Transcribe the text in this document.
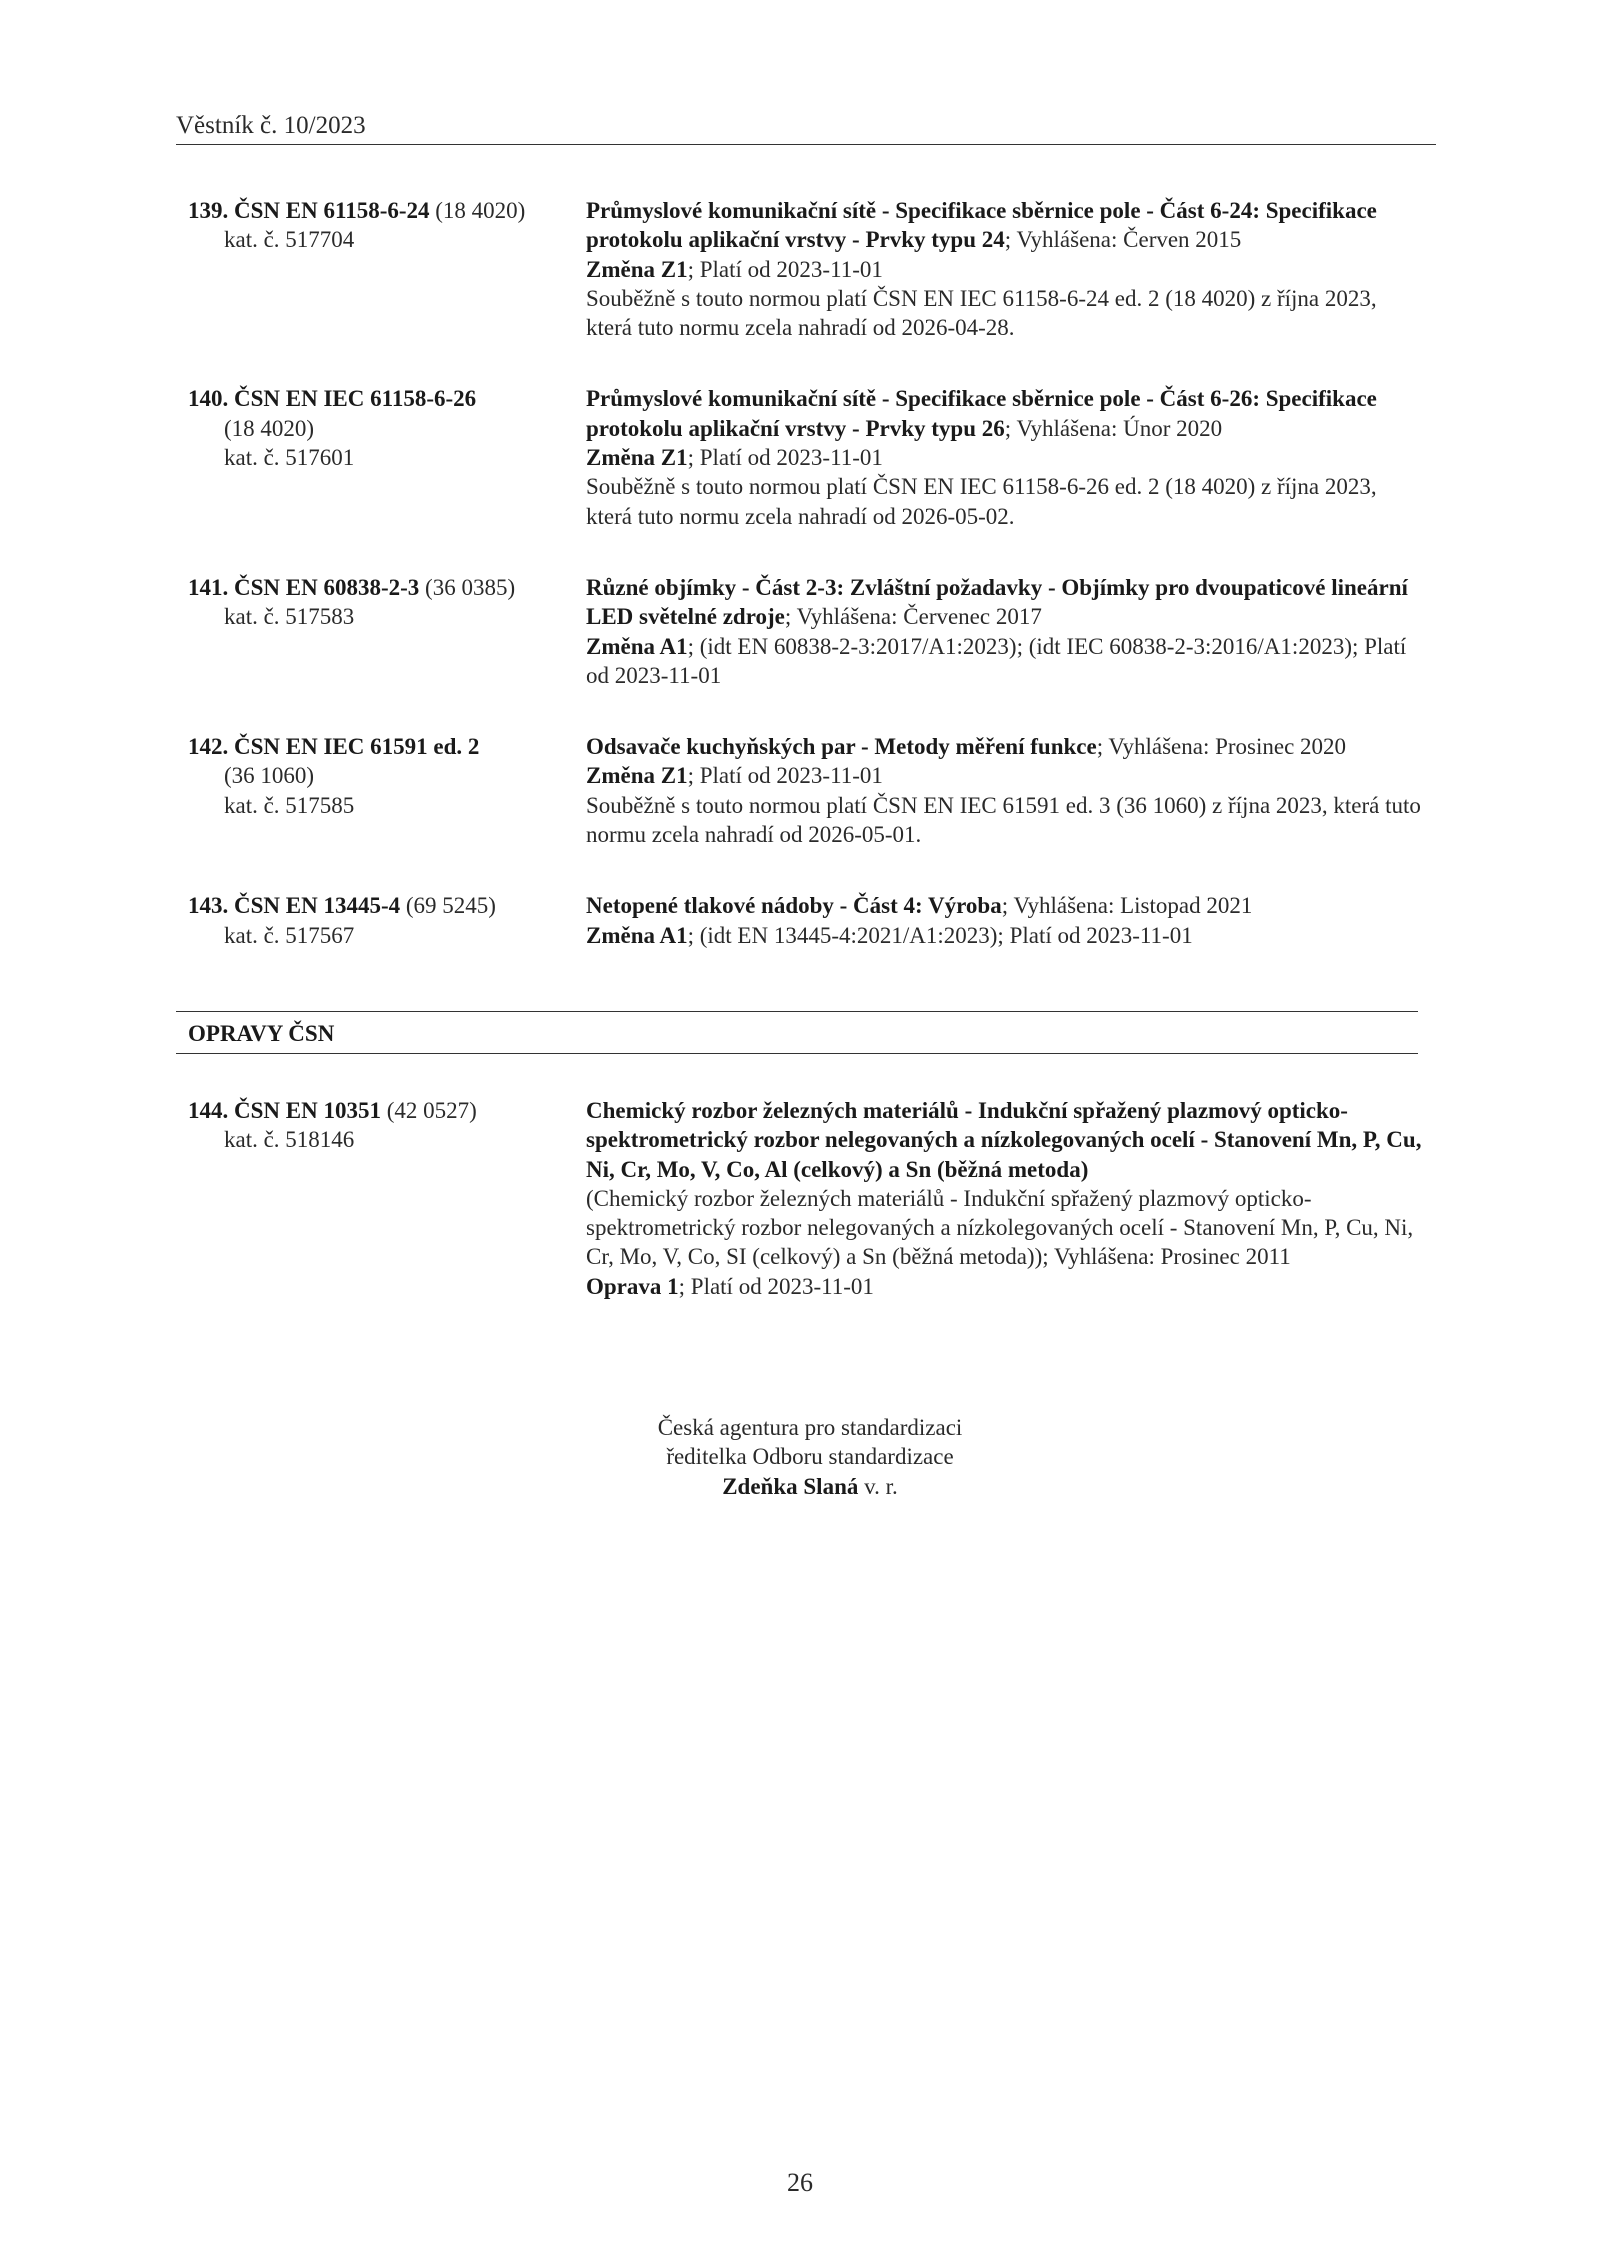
Věstník č. 10/2023
139. ČSN EN 61158-6-24 (18 4020)
kat. č. 517704
Průmyslové komunikační sítě - Specifikace sběrnice pole - Část 6-24: Specifikace protokolu aplikační vrstvy - Prvky typu 24; Vyhlášena: Červen 2015
Změna Z1; Platí od 2023-11-01
Souběžně s touto normou platí ČSN EN IEC 61158-6-24 ed. 2 (18 4020) z října 2023, která tuto normu zcela nahradí od 2026-04-28.
140. ČSN EN IEC 61158-6-26
(18 4020)
kat. č. 517601
Průmyslové komunikační sítě - Specifikace sběrnice pole - Část 6-26: Specifikace protokolu aplikační vrstvy - Prvky typu 26; Vyhlášena: Únor 2020
Změna Z1; Platí od 2023-11-01
Souběžně s touto normou platí ČSN EN IEC 61158-6-26 ed. 2 (18 4020) z října 2023, která tuto normu zcela nahradí od 2026-05-02.
141. ČSN EN 60838-2-3 (36 0385)
kat. č. 517583
Různé objímky - Část 2-3: Zvláštní požadavky - Objímky pro dvoupaticové lineární LED světelné zdroje; Vyhlášena: Červenec 2017
Změna A1; (idt EN 60838-2-3:2017/A1:2023); (idt IEC 60838-2-3:2016/A1:2023); Platí od 2023-11-01
142. ČSN EN IEC 61591 ed. 2
(36 1060)
kat. č. 517585
Odsavače kuchyňských par - Metody měření funkce; Vyhlášena: Prosinec 2020
Změna Z1; Platí od 2023-11-01
Souběžně s touto normou platí ČSN EN IEC 61591 ed. 3 (36 1060) z října 2023, která tuto normu zcela nahradí od 2026-05-01.
143. ČSN EN 13445-4 (69 5245)
kat. č. 517567
Netopené tlakové nádoby - Část 4: Výroba; Vyhlášena: Listopad 2021
Změna A1; (idt EN 13445-4:2021/A1:2023); Platí od 2023-11-01
OPRAVY ČSN
144. ČSN EN 10351 (42 0527)
kat. č. 518146
Chemický rozbor železných materiálů - Indukční spřažený plazmový opticko-spektrometrický rozbor nelegovaných a nízkolegovaných ocelí - Stanovení Mn, P, Cu, Ni, Cr, Mo, V, Co, Al (celkový) a Sn (běžná metoda)
(Chemický rozbor železných materiálů - Indukční spřažený plazmový opticko-spektrometrický rozbor nelegovaných a nízkolegovaných ocelí - Stanovení Mn, P, Cu, Ni, Cr, Mo, V, Co, SI (celkový) a Sn (běžná metoda)); Vyhlášena: Prosinec 2011
Oprava 1; Platí od 2023-11-01
Česká agentura pro standardizaci
ředitelka Odboru standardizace
Zdeňka Slaná v. r.
26
